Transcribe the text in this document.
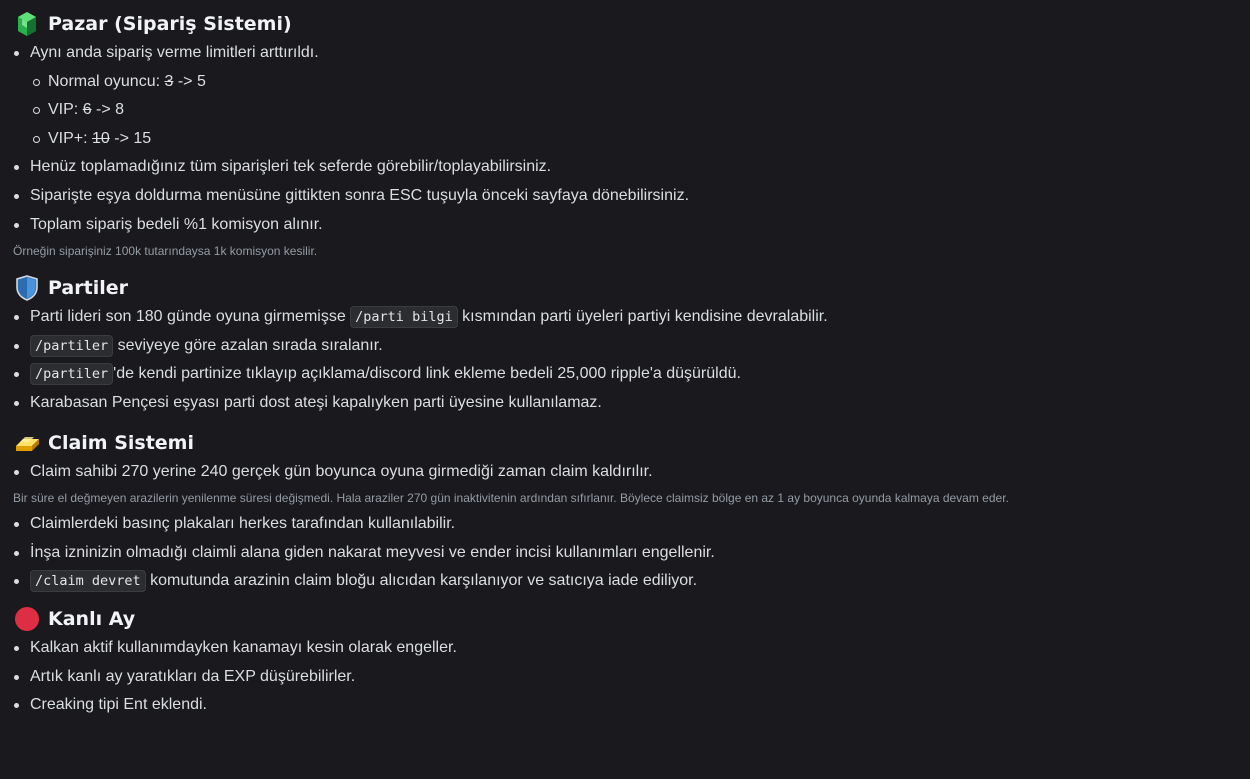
Pazar (Sipariş Sistemi)
Aynı anda sipariş verme limitleri arttırıldı.
Normal oyuncu: 3 -> 5
VIP: 6 -> 8
VIP+: 10 -> 15
Henüz toplamadığınız tüm siparişleri tek seferde görebilir/toplayabilirsiniz.
Siparişte eşya doldurma menüsüne gittikten sonra ESC tuşuyla önceki sayfaya dönebilirsiniz.
Toplam sipariş bedeli %1 komisyon alınır.
Örneğin siparişiniz 100k tutarındaysa 1k komisyon kesilir.
Partiler
Parti lideri son 180 günde oyuna girmemişse /parti bilgi kısmından parti üyeleri partiyi kendisine devralabilir.
/partiler seviyeye göre azalan sırada sıralanır.
/partiler 'de kendi partinize tıklayıp açıklama/discord link ekleme bedeli 25,000 ripple'a düşürüldü.
Karabasan Pençesi eşyası parti dost ateşi kapalıyken parti üyesine kullanılamaz.
Claim Sistemi
Claim sahibi 270 yerine 240 gerçek gün boyunca oyuna girmediği zaman claim kaldırılır.
Bir süre el değmeyen arazilerin yenilenme süresi değişmedi. Hala araziler 270 gün inaktivitenin ardından sıfırlanır. Böylece claimsiz bölge en az 1 ay boyunca oyunda kalmaya devam eder.
Claimlerdeki basınç plakaları herkes tarafından kullanılabilir.
İnşa izninizin olmadığı claimli alana giden nakarat meyvesi ve ender incisi kullanımları engellenir.
/claim devret komutunda arazinin claim bloğu alıcıdan karşılanıyor ve satıcıya iade ediliyor.
Kanlı Ay
Kalkan aktif kullanımdayken kanamayı kesin olarak engeller.
Artık kanlı ay yaratıkları da EXP düşürebilirler.
Creaking tipi Ent eklendi.
